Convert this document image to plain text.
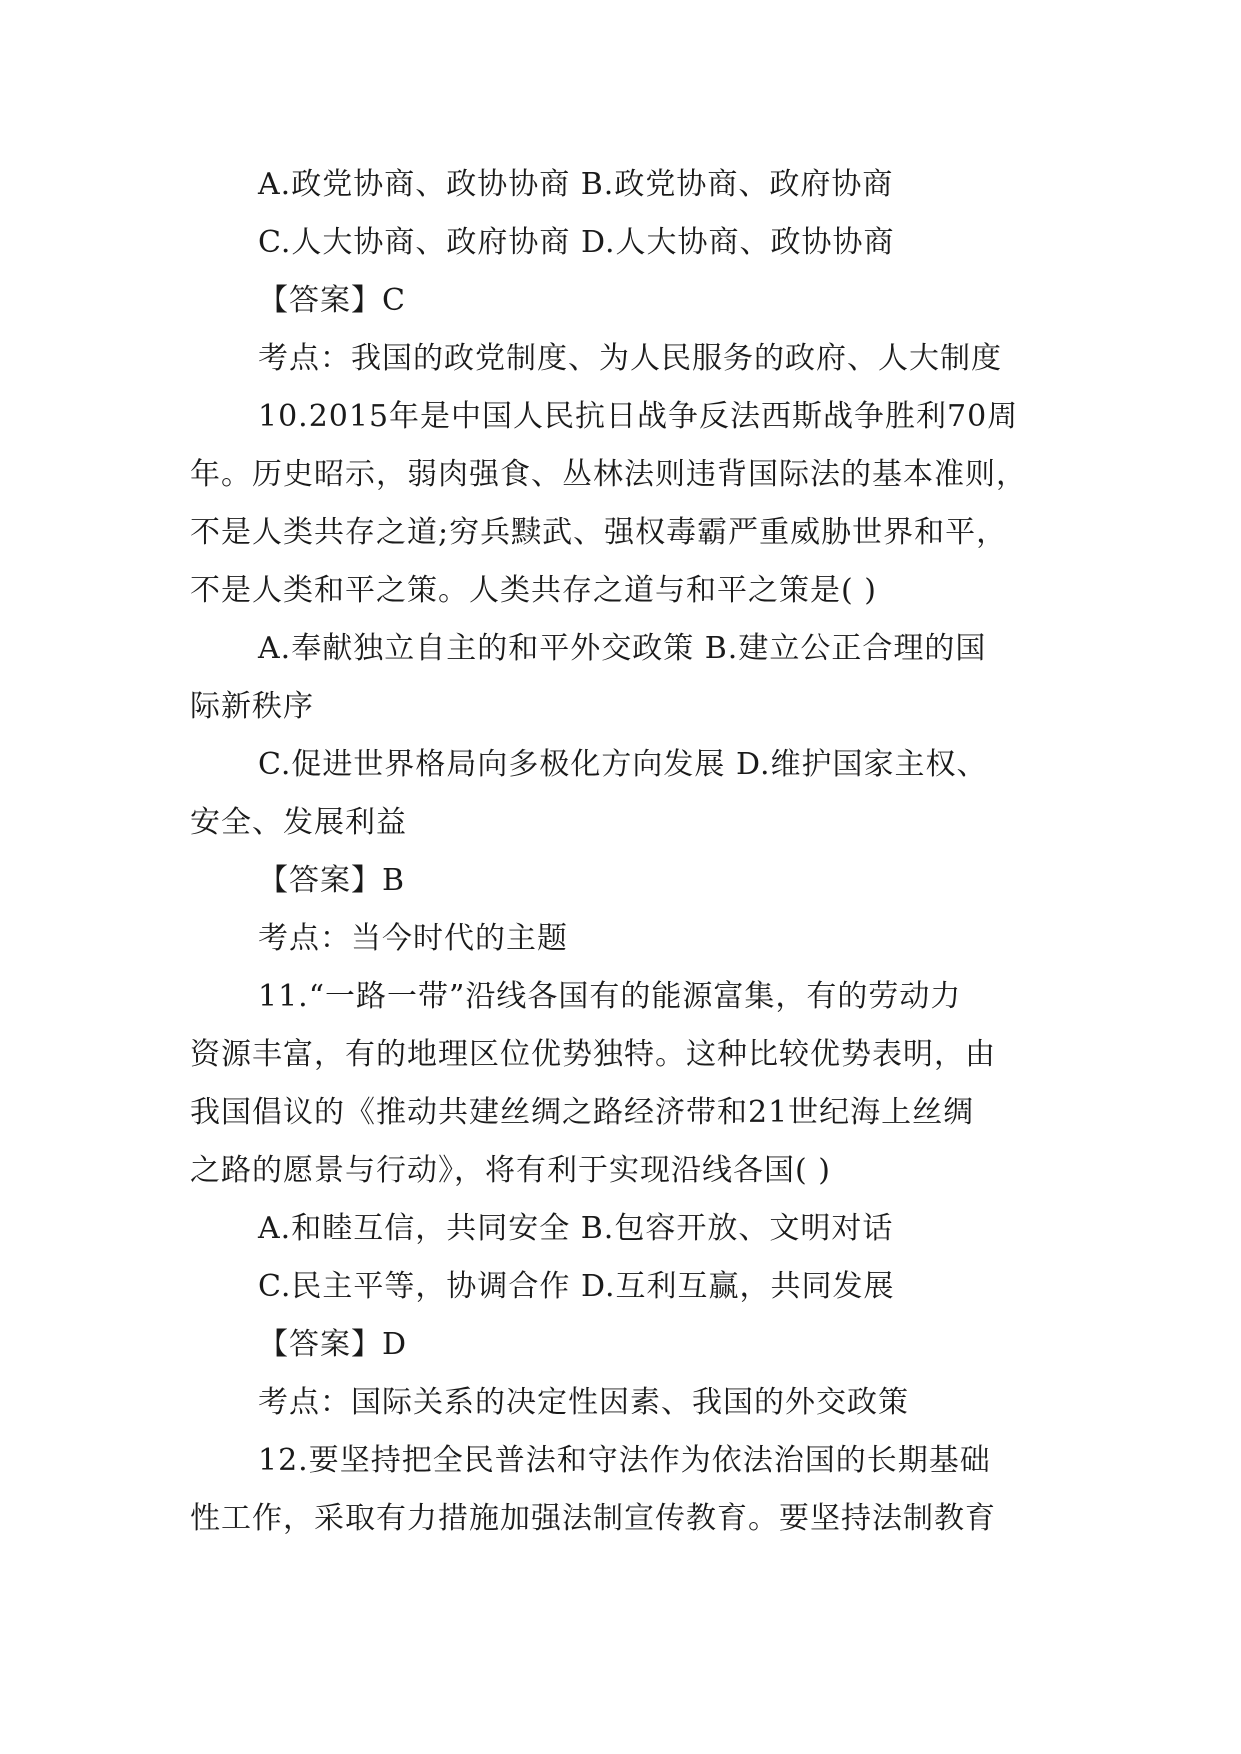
A.政党协商、政协协商 B.政党协商、政府协商
C.人大协商、政府协商 D.人大协商、政协协商
【答案】C
考点：我国的政党制度、为人民服务的政府、人大制度
10.2015年是中国人民抗日战争反法西斯战争胜利70周
年。历史昭示，弱肉强食、丛林法则违背国际法的基本准则，
不是人类共存之道;穷兵黩武、强权毒霸严重威胁世界和平，
不是人类和平之策。人类共存之道与和平之策是( )
A.奉献独立自主的和平外交政策 B.建立公正合理的国
际新秩序
C.促进世界格局向多极化方向发展 D.维护国家主权、
安全、发展利益
【答案】B
考点：当今时代的主题
11.“一路一带”沿线各国有的能源富集，有的劳动力
资源丰富，有的地理区位优势独特。这种比较优势表明，由
我国倡议的《推动共建丝绸之路经济带和21世纪海上丝绸
之路的愿景与行动》，将有利于实现沿线各国( )
A.和睦互信，共同安全 B.包容开放、文明对话
C.民主平等，协调合作 D.互利互赢，共同发展
【答案】D
考点：国际关系的决定性因素、我国的外交政策
12.要坚持把全民普法和守法作为依法治国的长期基础
性工作，采取有力措施加强法制宣传教育。要坚持法制教育
